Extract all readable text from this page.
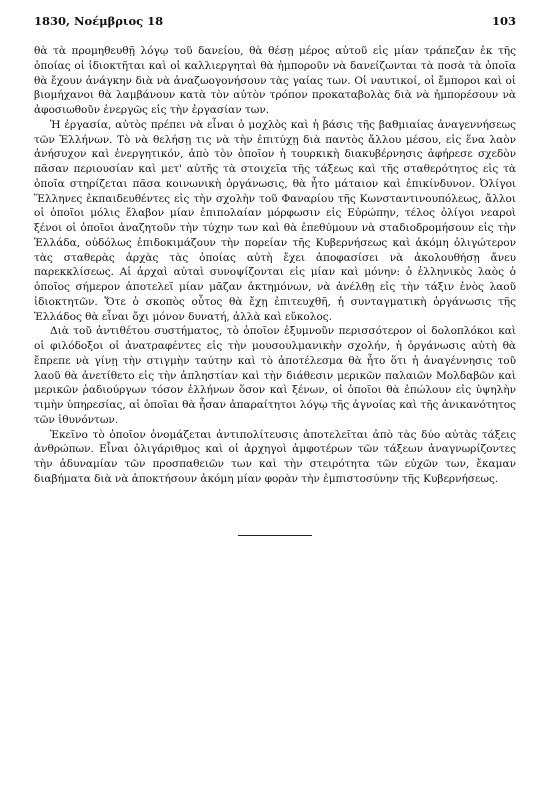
1830, Νοέμβριος 18	103

θὰ τὰ προμηθευθῇ λόγῳ τοῦ δανείου, θὰ θέσῃ μέρος αὐτοῦ εἰς μίαν τράπεζαν ἐκ τῆς ὁποίας οἱ ἰδιοκτῆται καὶ οἱ καλλιεργηταὶ θὰ ἠμποροῦν νὰ δανείζωνται τὰ ποσὰ τὰ ὁποῖα θὰ ἔχουν ἀνάγκην διὰ νὰ ἀναζωογονήσουν τὰς γαίας των. Οἱ ναυτικοί, οἱ ἔμποροι καὶ οἱ βιομήχανοι θὰ λαμβάνουν κατὰ τὸν αὐτὸν τρόπον προκαταβολὰς διὰ νὰ ἠμπορέσουν νὰ ἀφοσιωθοῦν ἐνεργῶς εἰς τὴν ἐργασίαν των.

Ἡ ἐργασία, αὐτὸς πρέπει νὰ εἶναι ὁ μοχλὸς καὶ ἡ βάσις τῆς βαθμιαίας ἀναγεννήσεως τῶν Ἑλλήνων. Τὸ νὰ θελήσῃ τις νὰ τὴν ἐπιτύχῃ διὰ παντὸς ἄλλου μέσου, εἰς ἕνα λαὸν ἀνήσυχον καὶ ἐνεργητικόν, ἀπὸ τὸν ὁποῖον ἡ τουρκικὴ διακυβέρνησις ἀφήρεσε σχεδὸν πᾶσαν περιουσίαν καὶ μετ' αὐτῆς τὰ στοιχεῖα τῆς τάξεως καὶ τῆς σταθερότητος εἰς τὰ ὁποῖα στηρίζεται πᾶσα κοινωνικὴ ὀργάνωσις, θὰ ἦτο μάταιον καὶ ἐπικίνδυνον. Ὀλίγοι Ἕλληνες ἐκπαιδευθέντες εἰς τὴν σχολὴν τοῦ Φαναρίου τῆς Κωνσταντινουπόλεως, ἄλλοι οἱ ὁποῖοι μόλις ἔλαβον μίαν ἐπιπολαίαν μόρφωσιν εἰς Εὐρώπην, τέλος ὀλίγοι νεαροὶ ξένοι οἱ ὁποῖοι ἀναζητοῦν τὴν τύχην των καὶ θὰ ἐπεθύμουν νὰ σταδιοδρομήσουν εἰς τὴν Ἑλλάδα, οὐδόλως ἐπιδοκιμάζουν τὴν πορείαν τῆς Κυβερνήσεως καὶ ἀκόμη ὀλιγώτερον τὰς σταθερὰς ἀρχὰς τὰς ὁποίας αὐτὴ ἔχει ἀποφασίσει νὰ ἀκολουθήσῃ ἄνευ παρεκκλίσεως. Αἱ ἀρχαὶ αὐταὶ συνοψίζονται εἰς μίαν καὶ μόνην: ὁ ἑλληνικὸς λαὸς ὁ ὁποῖος σήμερον ἀποτελεῖ μίαν μᾶζαν ἀκτημόνων, νὰ ἀνέλθῃ εἰς τὴν τάξιν ἑνὸς λαοῦ ἰδιοκτητῶν. Ὅτε ὁ σκοπὸς οὗτος θὰ ἔχῃ ἐπιτευχθῆ, ἡ συνταγματικὴ ὀργάνωσις τῆς Ἑλλάδος θὰ εἶναι ὄχι μόνον δυνατή, ἀλλὰ καὶ εὔκολος.

Διὰ τοῦ ἀντιθέτου συστήματος, τὸ ὁποῖον ἐξυμνοῦν περισσότερον οἱ δολοπλόκοι καὶ οἱ φιλόδοξοι οἱ ἀνατραφέντες εἰς τὴν μουσουλμανικὴν σχολήν, ἡ ὀργάνωσις αὐτὴ θὰ ἔπρεπε νὰ γίνῃ τὴν στιγμὴν ταύτην καὶ τὸ ἀποτέλεσμα θὰ ἦτο ὅτι ἡ ἀναγέννησις τοῦ λαοῦ θὰ ἀνετίθετο εἰς τὴν ἀπληστίαν καὶ τὴν διάθεσιν μερικῶν παλαιῶν Μολδαβῶν καὶ μερικῶν ῥαδιούργων τόσον ἑλλήνων ὅσον καὶ ξένων, οἱ ὁποῖοι θὰ ἐπώλουν εἰς ὑψηλὴν τιμὴν ὑπηρεσίας, αἱ ὁποῖαι θὰ ἦσαν ἀπαραίτητοι λόγῳ τῆς ἀγνοίας καὶ τῆς ἀνικανότητος τῶν ἰθυνόντων.

Ἐκεῖνο τὸ ὁποῖον ὀνομάζεται ἀντιπολίτευσις ἀποτελεῖται ἀπὸ τὰς δύο αὐτὰς τάξεις ἀνθρώπων. Εἶναι ὀλιγάριθμος καὶ οἱ ἀρχηγοὶ ἀμφοτέρων τῶν τάξεων ἀναγνωρίζοντες τὴν ἀδυναμίαν τῶν προσπαθειῶν των καὶ τὴν στειρότητα τῶν εὐχῶν των, ἔκαμαν διαβήματα διὰ νὰ ἀποκτήσουν ἀκόμη μίαν φορὰν τὴν ἐμπιστοσύνην τῆς Κυβερνήσεως.
